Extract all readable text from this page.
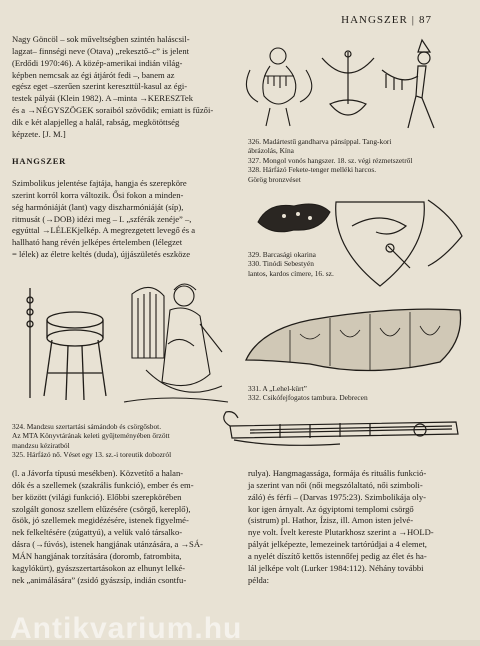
HANGSZER | 87
Nagy Göncöl – sok műveltségben szintén haláscsil-
lagzat– finnségi neve (Otava) „rekesztő–c” is jelent
(Erdődi 1970:46). A közép-amerikai indián világ-
képben nemcsak az égi átjárót fedi –, banem az
egész eget –szerűen szerint kereszttül-kasul az égi-
testek pályái (Klein 1982). A –minta →KERESZTek
és a →NÉGYSZÖGEK soraiból szövődik; emiatt is fűzői-
dik e két alapjelleg a halál, rabság, megkötöttség
képzete. [J. M.]
HANGSZER
Szimbolikus jelentése fajtája, hangja és szerepköre
szerint korról korra változik. Ősi fokon a minden-
ség harmóniáját (lant) vagy diszharmóniáját (síp),
ritmusát (→DOB) idézi meg – I. „szférák zenéje” –,
egyúttal →LÉLEKjelkép. A megrezgetett levegő és a
hallható hang révén jelképes értelemben (lélegzet
= lélek) az életre keltés (duda), újjászületés eszköze
324. Mandzsu szertartási sámándob és csörgősbot.
Az MTA Könyvtárának keleti gyűjteményében őrzött
mandzsu kéziratból
325. Hárfázó nő. Véset egy 13. sz.-i toreutik dobozról
(l. a Jávorfa típusú mesékben). Közvetítő a halan-
dók és a szellemek (szakrális funkció), ember és em-
ber között (világi funkció). Előbbi szerepkörében
szolgált gonosz szellem elűzésére (csörgő, kereplő),
ősök, jó szellemek megidézésére, istenek figyelmé-
nek felkeltésére (zúgattyú), a velük való társalko-
dásra (→fúvós), istenek hangjának utánzására, a →SÁ-
MÁN hangjának torzítására (doromb, fatrombita,
kagylókürt), gyászszertartásokon az elhunyt lelké-
nek „animálására” (zsidó gyászsíp, indián csontfu-
326. Madártestű gandharva pánsíppal. Tang-kori
ábrázolás, Kína
327. Mongol vonós hangszer. 18. sz. végi rézmetszetről
328. Hárfázó Fekete-tenger melléki harcos.
Görög bronzvéset
329. Barcasági okarina
330. Tinódi Sebestyén
lantos, kardos címere, 16. sz.
331. A „Lehel-kürt”
332. Csikófejfogatos tambura. Debrecen
rulya). Hangmagassága, formája és rituális funkció-
ja szerint van női (női megszólaltató, női szimboli-
záló) és férfi – (Darvas 1975:23). Szimbolikája oly-
kor igen árnyalt. Az ógyiptomi templomi csörgő
(sistrum) pl. Hathor, Ízisz, ill. Amon isten jelvé-
nye volt. Ívelt kereste Plutarkhosz szerint a →HOLD-
pályát jelképezte, lemezeinek tartórúdjai a 4 elemet,
a nyelét díszítő kettős istennőfej pedig az élet és ha-
lál jelképe volt (Lurker 1984:112). Néhány további
példa:
Antikvarium.hu
